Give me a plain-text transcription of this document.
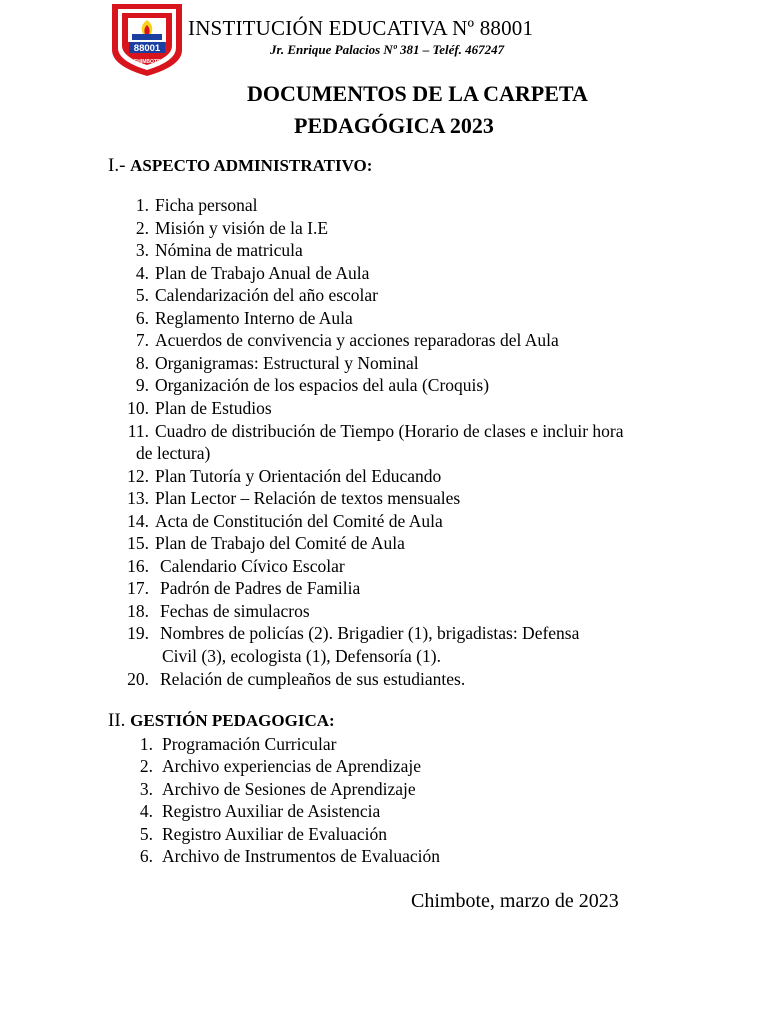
88001
CHIMBOTE
INSTITUCIÓN EDUCATIVA Nº 88001
Jr. Enrique Palacios Nº 381 – Teléf. 467247
DOCUMENTOS DE LA CARPETA
PEDAGÓGICA 2023
I.- ASPECTO ADMINISTRATIVO:
1. Ficha personal
2. Misión y visión de la I.E
3. Nómina de matricula
4. Plan de Trabajo Anual de Aula
5. Calendarización del año escolar
6. Reglamento Interno de Aula
7. Acuerdos de convivencia y acciones reparadoras del Aula
8. Organigramas: Estructural y Nominal
9. Organización de los espacios del aula (Croquis)
10. Plan de Estudios
11. Cuadro de distribución de Tiempo (Horario de clases e incluir hora
de lectura)
12. Plan Tutoría y Orientación del Educando
13. Plan Lector – Relación de textos mensuales
14. Acta de Constitución del Comité de Aula
15. Plan de Trabajo del Comité de Aula
16. Calendario Cívico Escolar
17. Padrón de Padres de Familia
18. Fechas de simulacros
19. Nombres de policías (2). Brigadier (1), brigadistas: Defensa
Civil (3), ecologista (1), Defensoría (1).
20. Relación de cumpleaños de sus estudiantes.
II. GESTIÓN PEDAGOGICA:
1. Programación Curricular
2. Archivo experiencias de Aprendizaje
3. Archivo de Sesiones de Aprendizaje
4. Registro Auxiliar de Asistencia
5. Registro Auxiliar de Evaluación
6. Archivo de Instrumentos de Evaluación
Chimbote, marzo de 2023
